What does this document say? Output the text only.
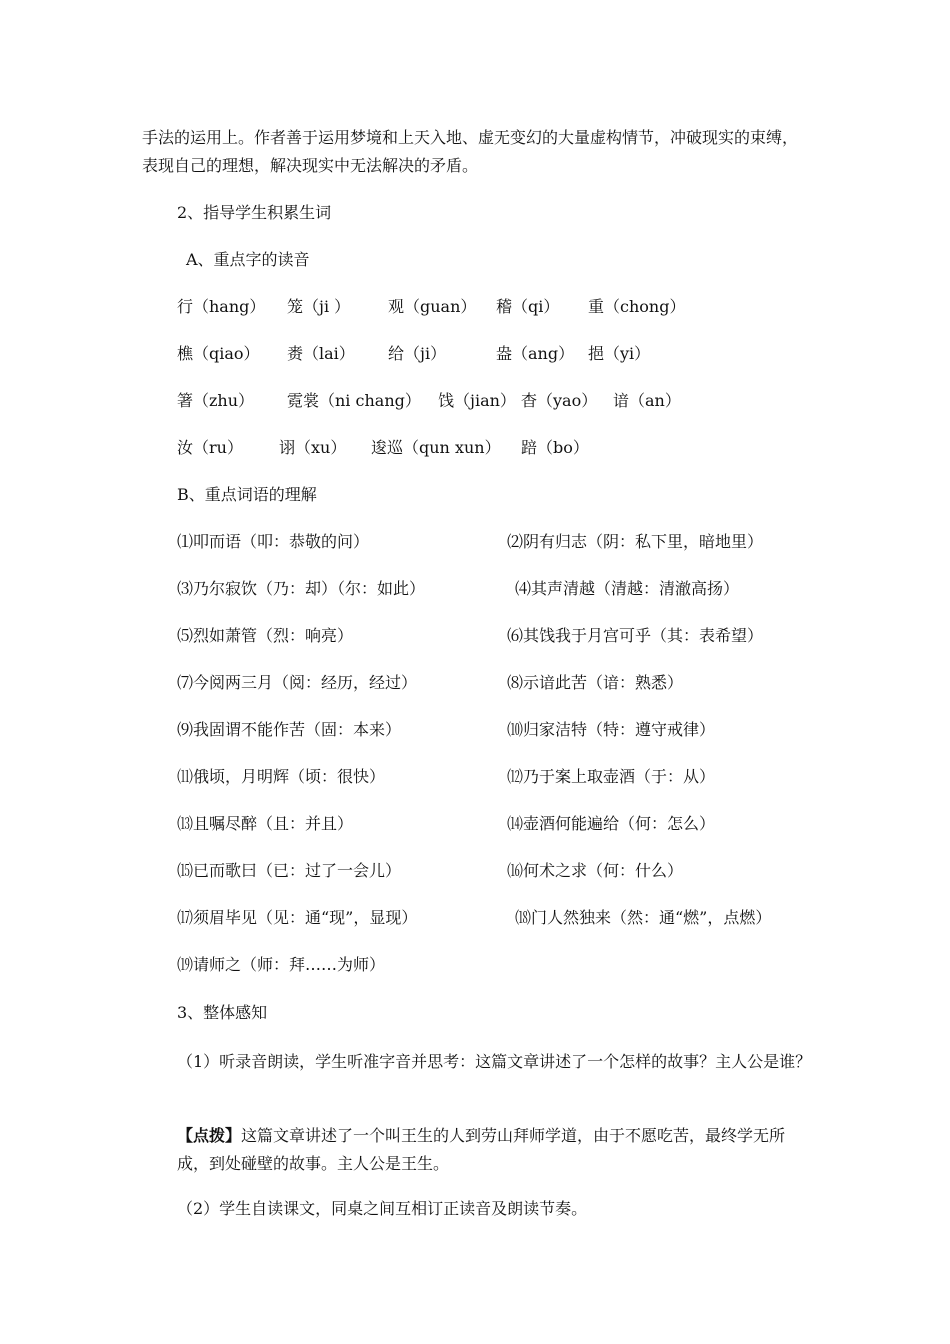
手法的运用上。作者善于运用梦境和上天入地、虚无变幻的大量虚构情节，冲破现实的束缚，表现自己的理想，解决现实中无法解决的矛盾。
2、指导学生积累生词
A、重点字的读音
行（hang） 笼（ji ） 观（guan） 稽（qi） 重（chong）
樵（qiao） 赉（lai） 给（ji）	盎（ang） 挹（yi）
箸（zhu） 霓裳（ni chang） 饯（jian） 杳（yao） 谙（an）
汝（ru） 诩（xu） 逡巡（qun xun） 踣（bo）
B、重点词语的理解
⑴叩而语（叩：恭敬的问）
⑶乃尔寂饮（乃：却）（尔：如此）
⑸烈如萧管（烈：响亮）
⑺今阅两三月（阅：经历，经过）
⑼我固谓不能作苦（固：本来）
⑾俄顷，月明辉（顷：很快）
⒀且嘱尽醉（且：并且）
⒂已而歌曰（已：过了一会儿）
⒄须眉毕见（见：通“现”，显现）
⒆请师之（师：拜……为师）
⑵阴有归志（阴：私下里，暗地里）
⑷其声清越（清越：清澈高扬）
⑹其饯我于月宫可乎（其：表希望）
⑻示谙此苦（谙：熟悉）
⑽归家洁特（特：遵守戒律）
⑿乃于案上取壶酒（于：从）
⒁壶酒何能遍给（何：怎么）
⒃何术之求（何：什么）
⒅门人然独来（然：通“燃”，点燃）
3、整体感知
（1）听录音朗读，学生听准字音并思考：这篇文章讲述了一个怎样的故事？主人公是谁？
【点拨】这篇文章讲述了一个叫王生的人到劳山拜师学道，由于不愿吃苦，最终学无所成，到处碰壁的故事。主人公是王生。
（2）学生自读课文，同桌之间互相订正读音及朗读节奏。
